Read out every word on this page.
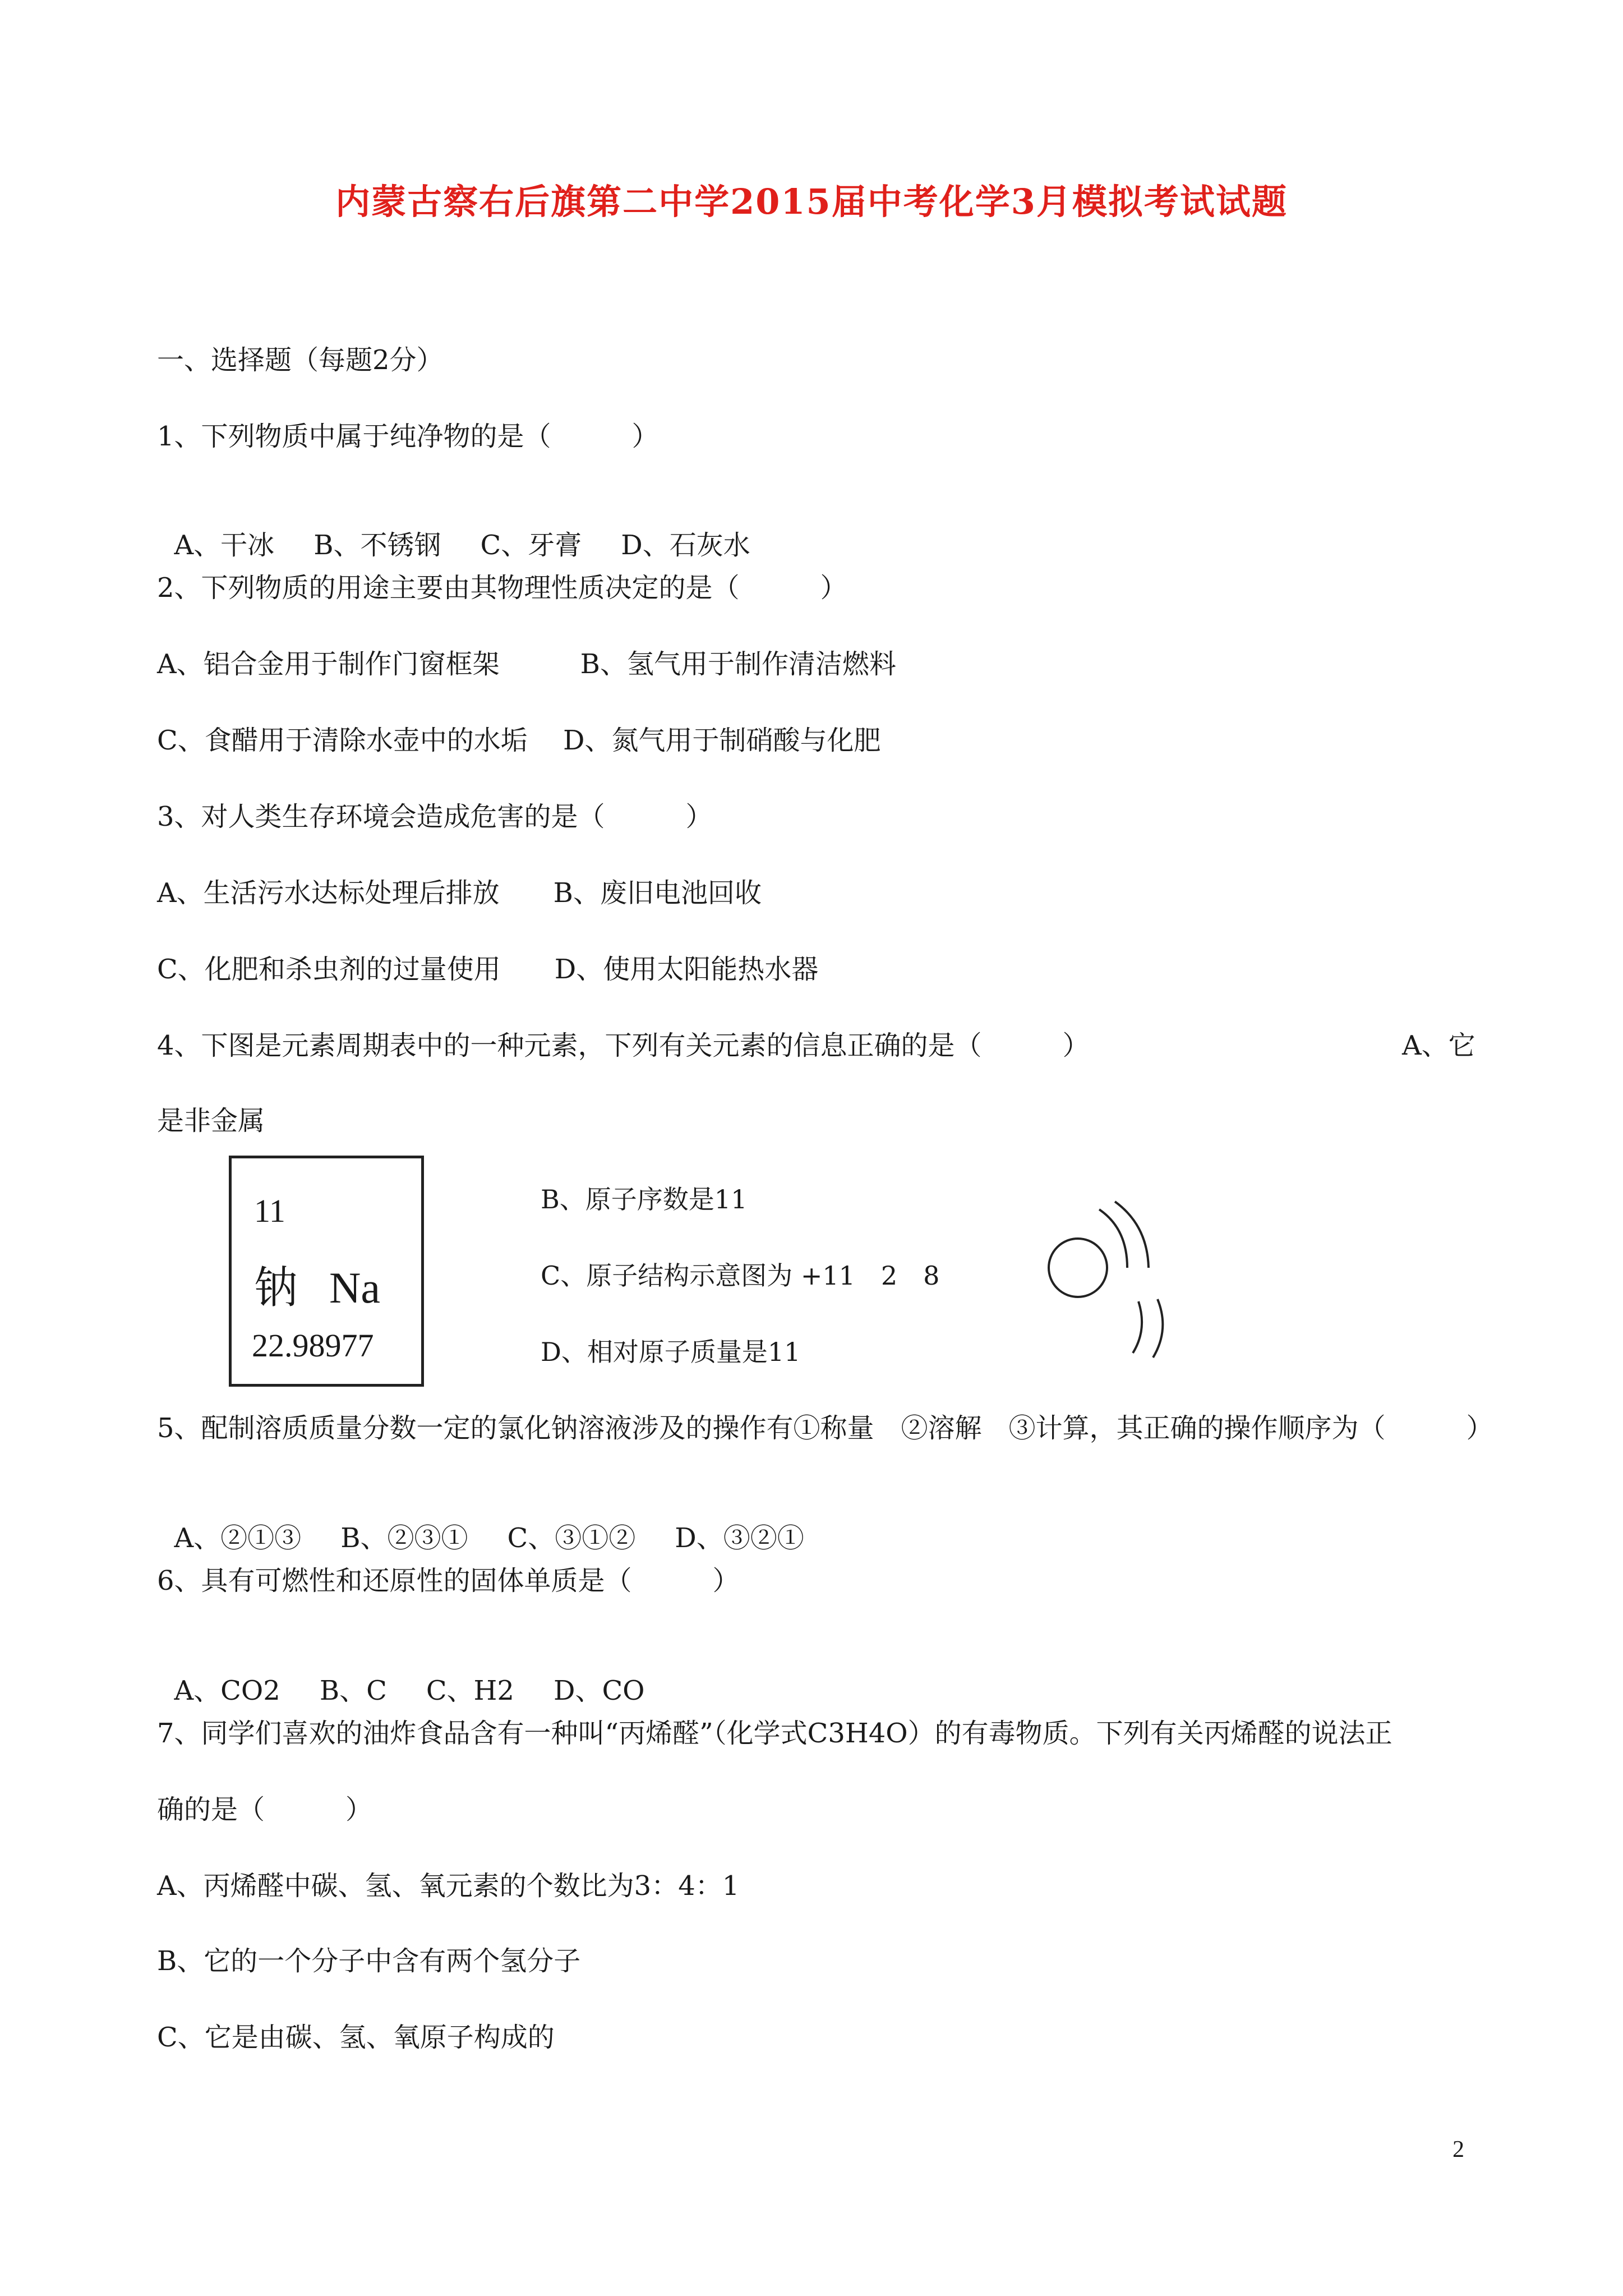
内蒙古察右后旗第二中学2015届中考化学3月模拟考试试题
一、选择题（每题2分）
1、下列物质中属于纯净物的是（　　　）

A、干冰 B、不锈钢 C、牙膏 D、石灰水

2、下列物质的用途主要由其物理性质决定的是（　　　）
A、铝合金用于制作门窗框架　　　B、氢气用于制作清洁燃料
C、食醋用于清除水壶中的水垢　 D、氮气用于制硝酸与化肥
3、对人类生存环境会造成危害的是（　　　）
A、生活污水达标处理后排放　　B、废旧电池回收
C、化肥和杀虫剂的过量使用　　D、使用太阳能热水器
4、下图是元素周期表中的一种元素，下列有关元素的信息正确的是（　　　）	A、它
是非金属
11
钠 Na
22.98977
B、原子序数是11
C、原子结构示意图为 +11　2　8
D、相对原子质量是11
5、配制溶质质量分数一定的氯化钠溶液涉及的操作有①称量　②溶解　③计算，其正确的操作顺序为（　　　）

A、②①③ B、②③① C、③①② D、③②①

6、具有可燃性和还原性的固体单质是（　　　）

A、CO2 B、C C、H2 D、CO

7、同学们喜欢的油炸食品含有一种叫“丙烯醛”（化学式C3H4O）的有毒物质。下列有关丙烯醛的说法正
确的是（　　　）
A、丙烯醛中碳、氢、氧元素的个数比为3：4：1
B、它的一个分子中含有两个氢分子
C、它是由碳、氢、氧原子构成的
2
